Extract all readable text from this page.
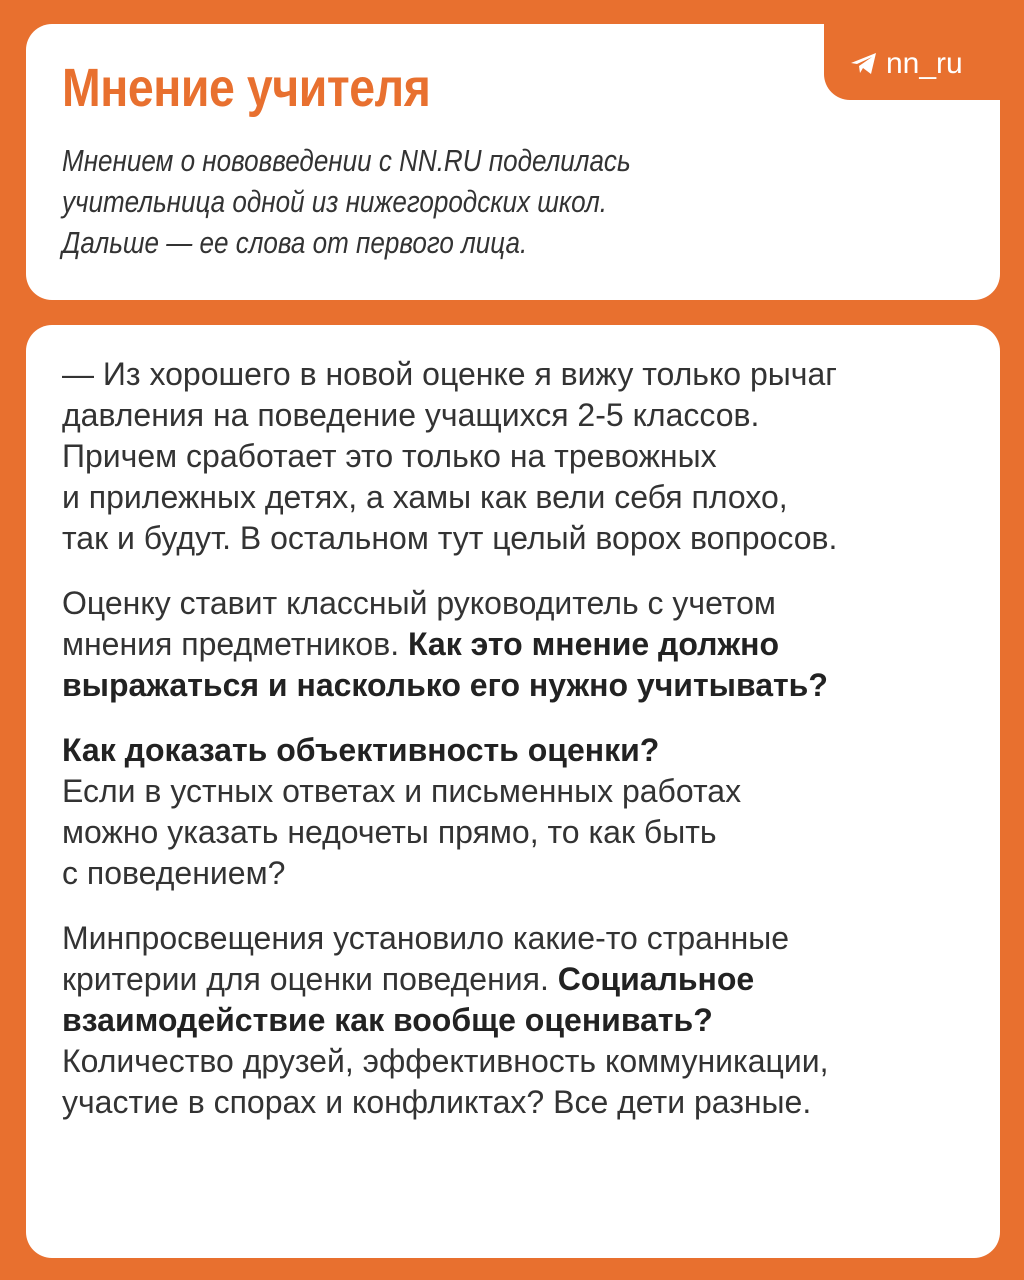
nn_ru
Мнение учителя
Мнением о нововведении с NN.RU поделилась
учительница одной из нижегородских школ.
Дальше — ее слова от первого лица.

— Из хорошего в новой оценке я вижу только рычаг
давления на поведение учащихся 2-5 классов.
Причем сработает это только на тревожных
и прилежных детях, а хамы как вели себя плохо,
так и будут. В остальном тут целый ворох вопросов.

Оценку ставит классный руководитель с учетом
мнения предметников. Как это мнение должно
выражаться и насколько его нужно учитывать?

Как доказать объективность оценки?
Если в устных ответах и письменных работах
можно указать недочеты прямо, то как быть
с поведением?

Минпросвещения установило какие-то странные
критерии для оценки поведения. Социальное
взаимодействие как вообще оценивать?
Количество друзей, эффективность коммуникации,
участие в спорах и конфликтах? Все дети разные.
